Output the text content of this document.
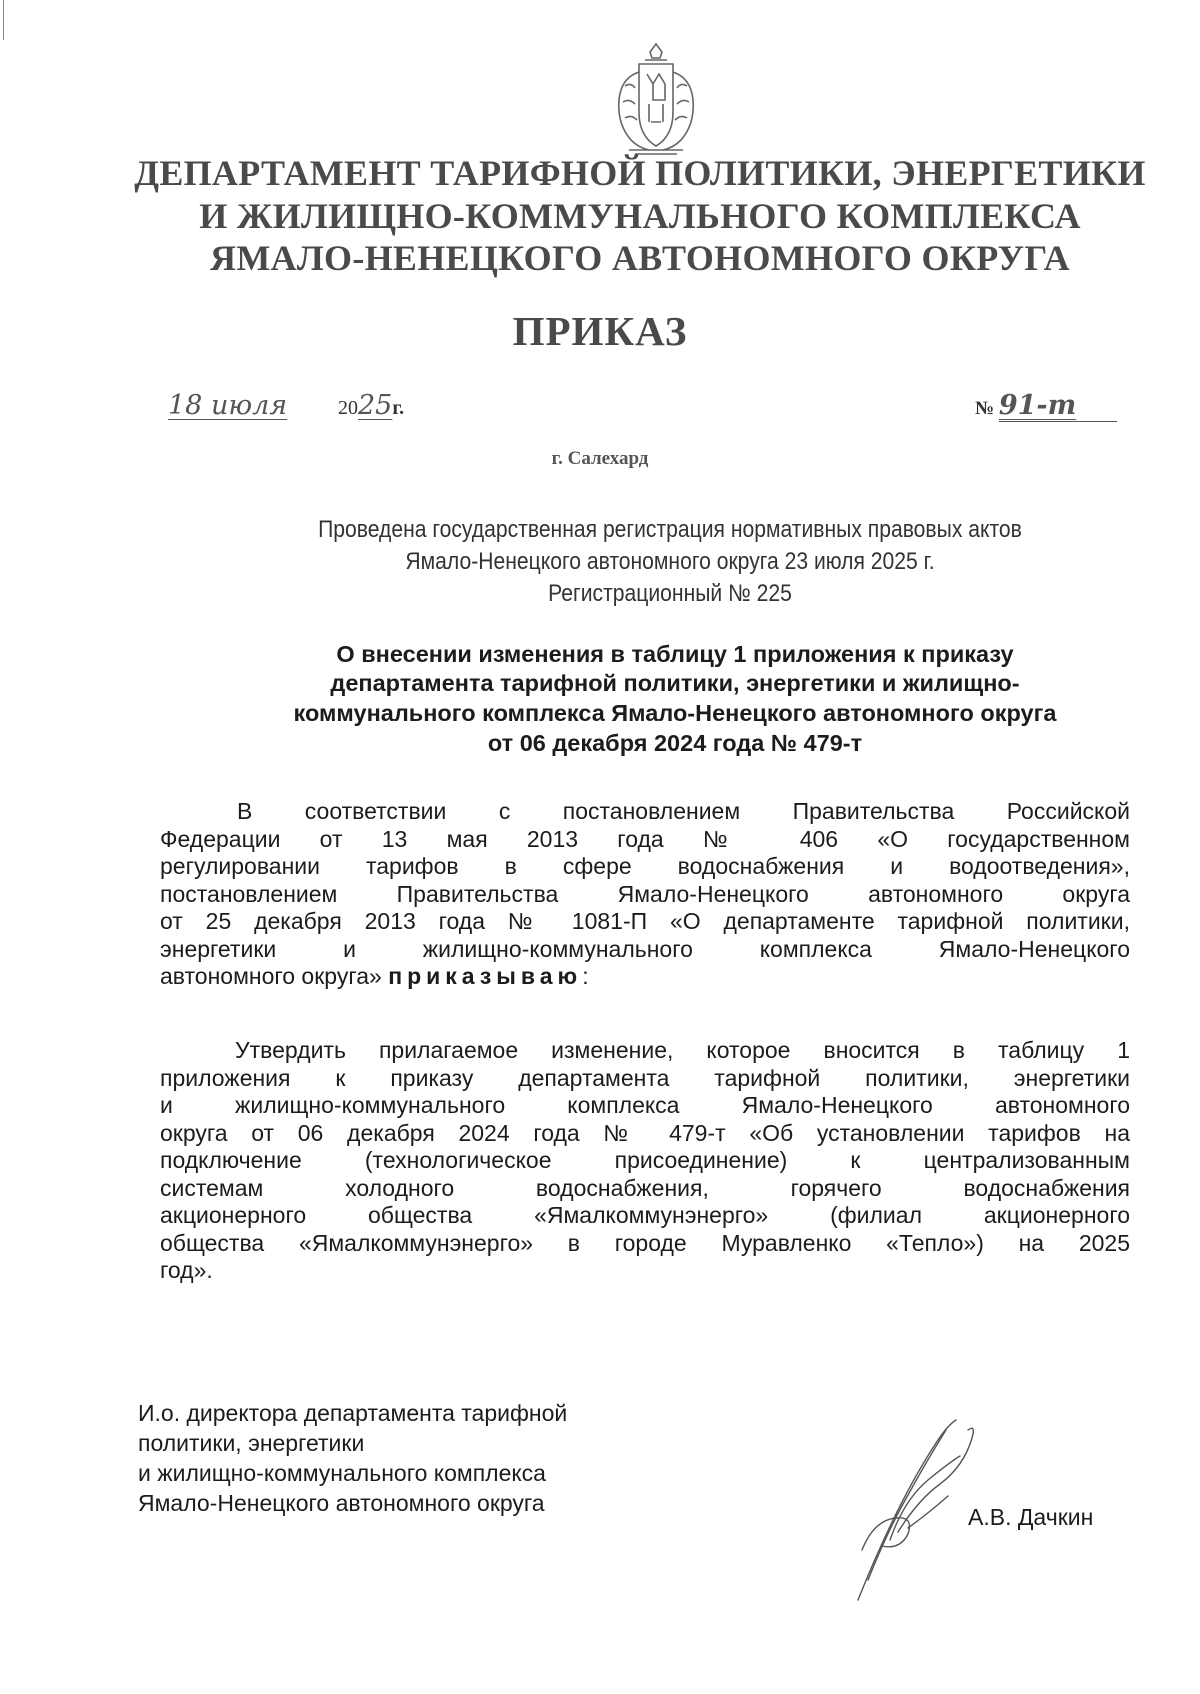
ДЕПАРТАМЕНТ ТАРИФНОЙ ПОЛИТИКИ, ЭНЕРГЕТИКИ
И ЖИЛИЩНО-КОММУНАЛЬНОГО КОМПЛЕКСА
ЯМАЛО-НЕНЕЦКОГО АВТОНОМНОГО ОКРУГА
ПРИКАЗ
18 июля	2025г.	№ 91-т
г. Салехард
Проведена государственная регистрация нормативных правовых актов
Ямало-Ненецкого автономного округа 23 июля 2025 г.
Регистрационный № 225
О внесении изменения в таблицу 1 приложения к приказу
департамента тарифной политики, энергетики и жилищно-
коммунального комплекса Ямало-Ненецкого автономного округа
от 06 декабря 2024 года № 479-т
В соответствии с постановлением Правительства Российской
Федерации от 13 мая 2013 года № 406 «О государственном
регулировании тарифов в сфере водоснабжения и водоотведения»,
постановлением Правительства Ямало-Ненецкого автономного округа
от 25 декабря 2013 года № 1081-П «О департаменте тарифной политики,
энергетики и жилищно-коммунального комплекса Ямало-Ненецкого
автономного округа» приказываю:
Утвердить прилагаемое изменение, которое вносится в таблицу 1
приложения к приказу департамента тарифной политики, энергетики
и жилищно-коммунального комплекса Ямало-Ненецкого автономного
округа от 06 декабря 2024 года № 479-т «Об установлении тарифов на
подключение (технологическое присоединение) к централизованным
системам холодного водоснабжения, горячего водоснабжения
акционерного общества «Ямалкоммунэнерго» (филиал акционерного
общества «Ямалкоммунэнерго» в городе Муравленко «Тепло») на 2025
год».
И.о. директора департамента тарифной
политики, энергетики
и жилищно-коммунального комплекса
Ямало-Ненецкого автономного округа
А.В. Дачкин
